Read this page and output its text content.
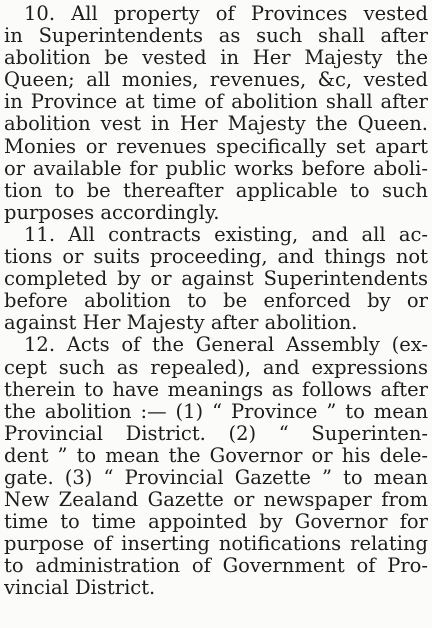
10. All property of Provinces vested
in Superintendents as such shall after
abolition be vested in Her Majesty the
Queen; all monies, revenues, &c, vested
in Province at time of abolition shall after
abolition vest in Her Majesty the Queen.
Monies or revenues specifically set apart
or available for public works before aboli-
tion to be thereafter applicable to such
purposes accordingly.
11. All contracts existing, and all ac-
tions or suits proceeding, and things not
completed by or against Superintendents
before abolition to be enforced by or
against Her Majesty after abolition.
12. Acts of the General Assembly (ex-
cept such as repealed), and expressions
therein to have meanings as follows after
the abolition :— (1) “ Province ” to mean
Provincial District. (2) “ Superinten-
dent ” to mean the Governor or his dele-
gate. (3) “ Provincial Gazette ” to mean
New Zealand Gazette or newspaper from
time to time appointed by Governor for
purpose of inserting notifications relating
to administration of Government of Pro-
vincial District.
